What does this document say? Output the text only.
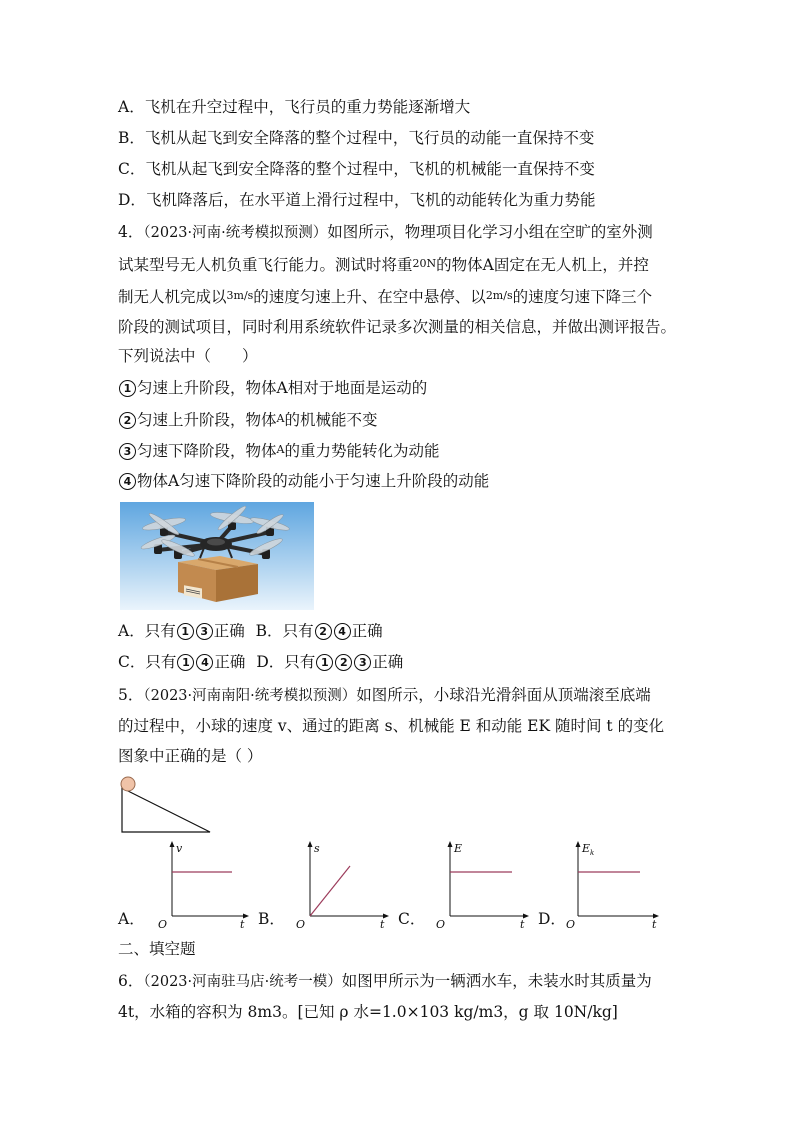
A．飞机在升空过程中，飞行员的重力势能逐渐增大
B．飞机从起飞到安全降落的整个过程中，飞行员的动能一直保持不变
C．飞机从起飞到安全降落的整个过程中，飞机的机械能一直保持不变
D．飞机降落后，在水平道上滑行过程中，飞机的动能转化为重力势能
4．（2023·河南·统考模拟预测）如图所示，物理项目化学习小组在空旷的室外测
试某型号无人机负重飞行能力。测试时将重20N的物体A固定在无人机上，并控
制无人机完成以3m/s的速度匀速上升、在空中悬停、以2m/s的速度匀速下降三个
阶段的测试项目，同时利用系统软件记录多次测量的相关信息，并做出测评报告。
下列说法中（　　）
1 匀速上升阶段，物体A相对于地面是运动的
2 匀速上升阶段，物体A的机械能不变
3 匀速下降阶段，物体A的重力势能转化为动能
4 物体A匀速下降阶段的动能小于匀速上升阶段的动能
A．只有 1 3 正确 B．只有 2 4 正确
C．只有 1 4 正确 D．只有 1 2 3 正确
5．（2023·河南南阳·统考模拟预测）如图所示，小球沿光滑斜面从顶端滚至底端
的过程中，小球的速度 v、通过的距离 s、机械能 E 和动能 EK 随时间 t 的变化
图象中正确的是（ ）
A．
v
O	t B．
s
O	t C．
E
O	t D．
E k
O	t
二、填空题
6．（2023·河南驻马店·统考一模）如图甲所示为一辆洒水车，未装水时其质量为
4t，水箱的容积为 8m3。[已知 ρ 水=1.0×103 kg/m3，g 取 10N/kg]
